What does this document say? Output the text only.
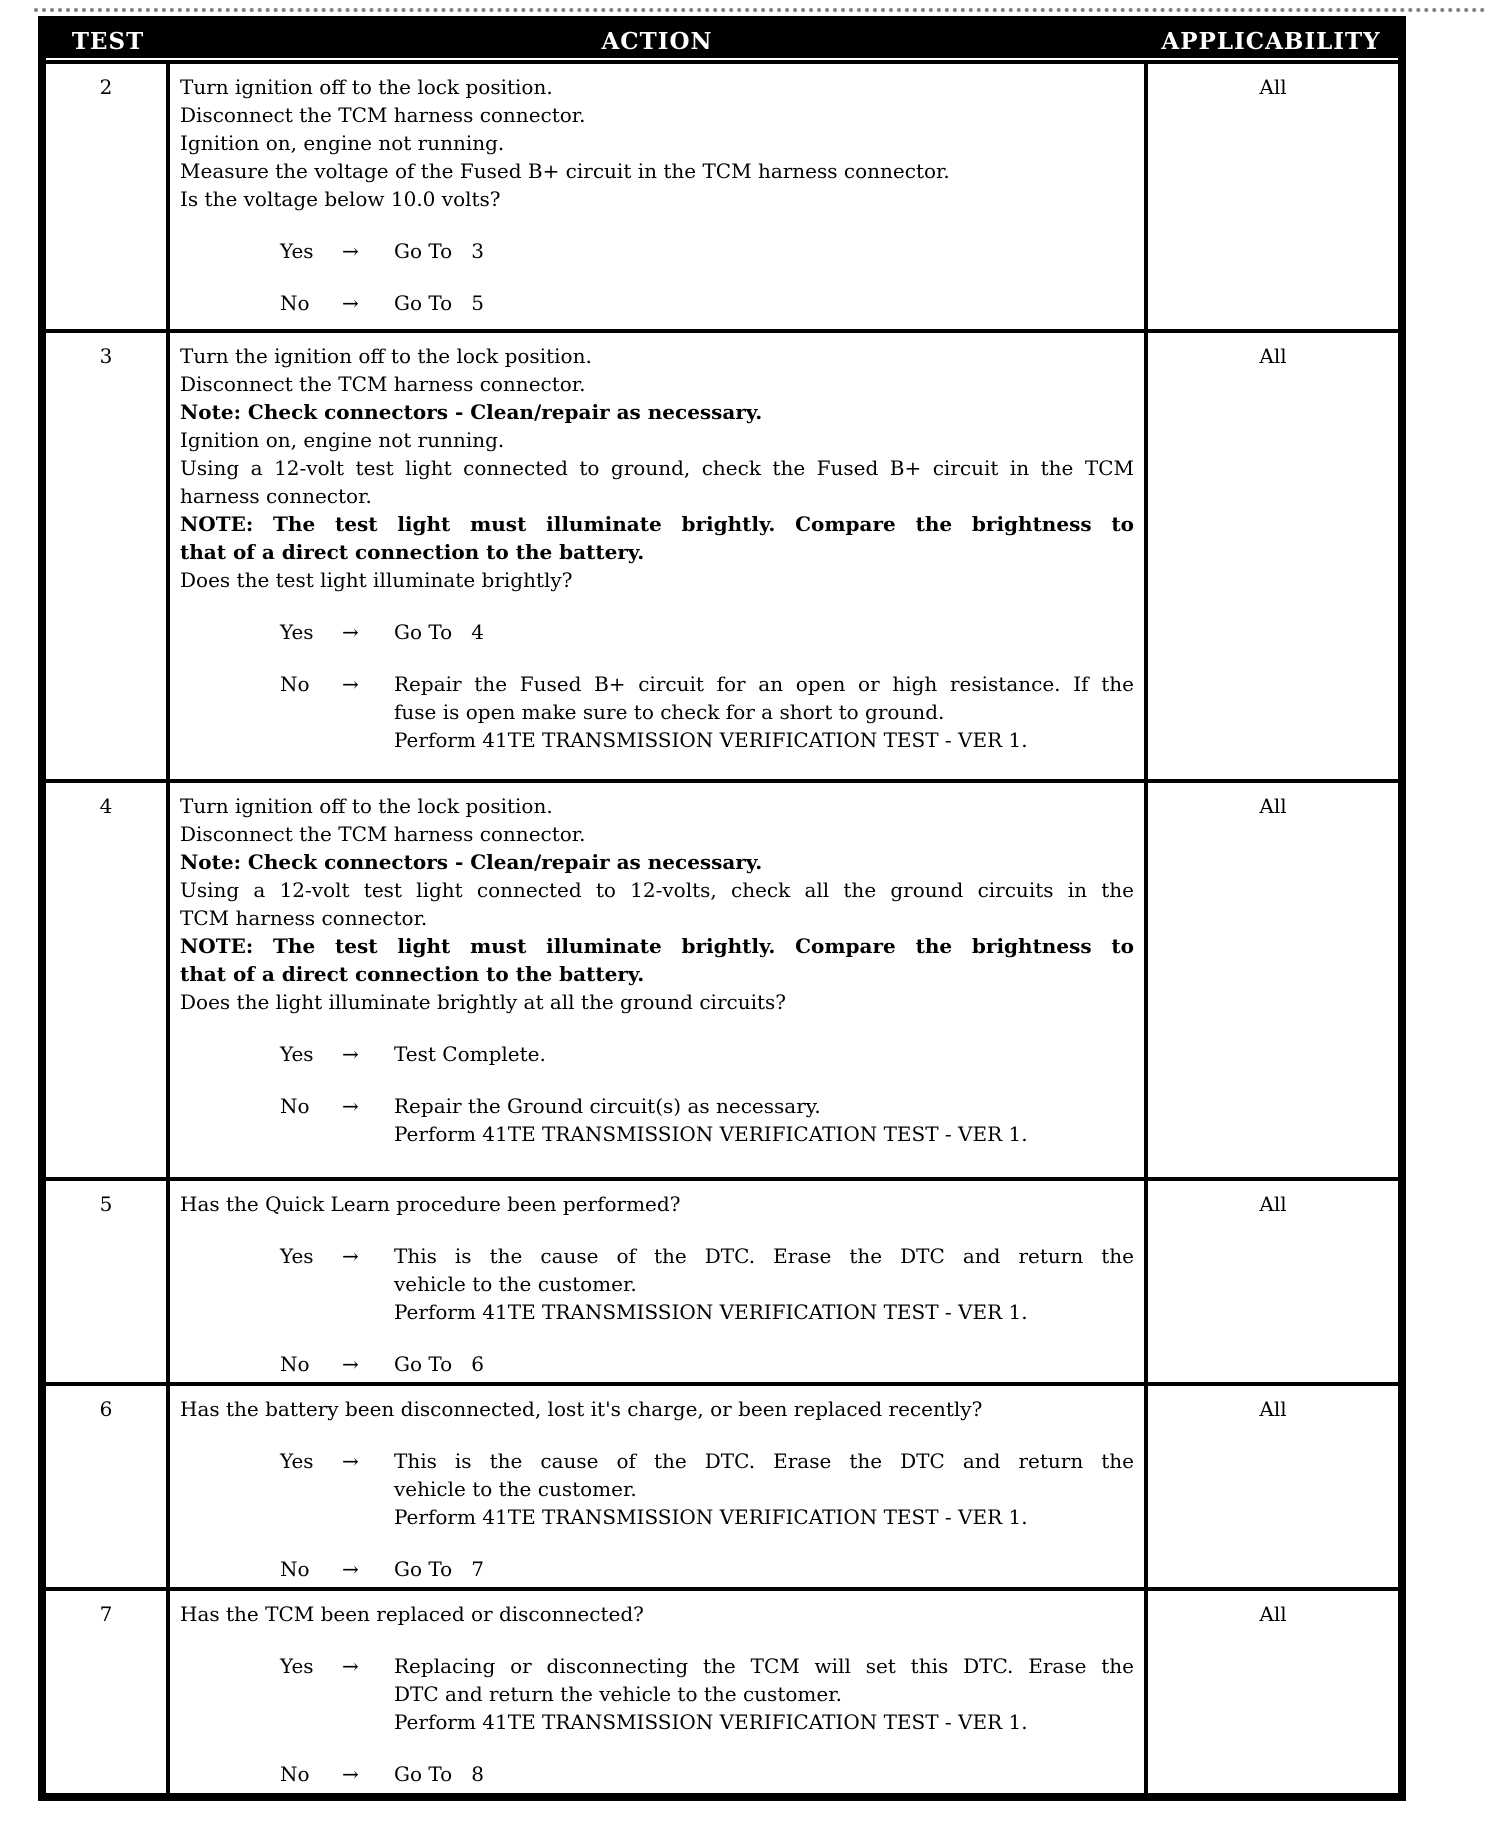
TEST	ACTION	APPLICABILITY
2	Turn ignition off to the lock position.
Disconnect the TCM harness connector.
Ignition on, engine not running.
Measure the voltage of the Fused B+ circuit in the TCM harness connector.
Is the voltage below 10.0 volts?
Yes	→	Go To   3
No	→	Go To   5
All
3	Turn the ignition off to the lock position.
Disconnect the TCM harness connector.
Note: Check connectors - Clean/repair as necessary.
Ignition on, engine not running.
Using a 12-volt test light connected to ground, check the Fused B+ circuit in the TCM
harness connector.
NOTE: The test light must illuminate brightly. Compare the brightness to
that of a direct connection to the battery.
Does the test light illuminate brightly?
Yes	→	Go To   4
No	→	Repair the Fused B+ circuit for an open or high resistance. If the
fuse is open make sure to check for a short to ground.
Perform 41TE TRANSMISSION VERIFICATION TEST - VER 1.
All
4	Turn ignition off to the lock position.
Disconnect the TCM harness connector.
Note: Check connectors - Clean/repair as necessary.
Using a 12-volt test light connected to 12-volts, check all the ground circuits in the
TCM harness connector.
NOTE: The test light must illuminate brightly. Compare the brightness to
that of a direct connection to the battery.
Does the light illuminate brightly at all the ground circuits?
Yes	→	Test Complete.
No	→	Repair the Ground circuit(s) as necessary.
Perform 41TE TRANSMISSION VERIFICATION TEST - VER 1.
All
5	Has the Quick Learn procedure been performed?
Yes	→	This is the cause of the DTC. Erase the DTC and return the
vehicle to the customer.
Perform 41TE TRANSMISSION VERIFICATION TEST - VER 1.
No	→	Go To   6
All
6	Has the battery been disconnected, lost it's charge, or been replaced recently?
Yes	→	This is the cause of the DTC. Erase the DTC and return the
vehicle to the customer.
Perform 41TE TRANSMISSION VERIFICATION TEST - VER 1.
No	→	Go To   7
All
7	Has the TCM been replaced or disconnected?
Yes	→	Replacing or disconnecting the TCM will set this DTC. Erase the
DTC and return the vehicle to the customer.
Perform 41TE TRANSMISSION VERIFICATION TEST - VER 1.
No	→	Go To   8
All
